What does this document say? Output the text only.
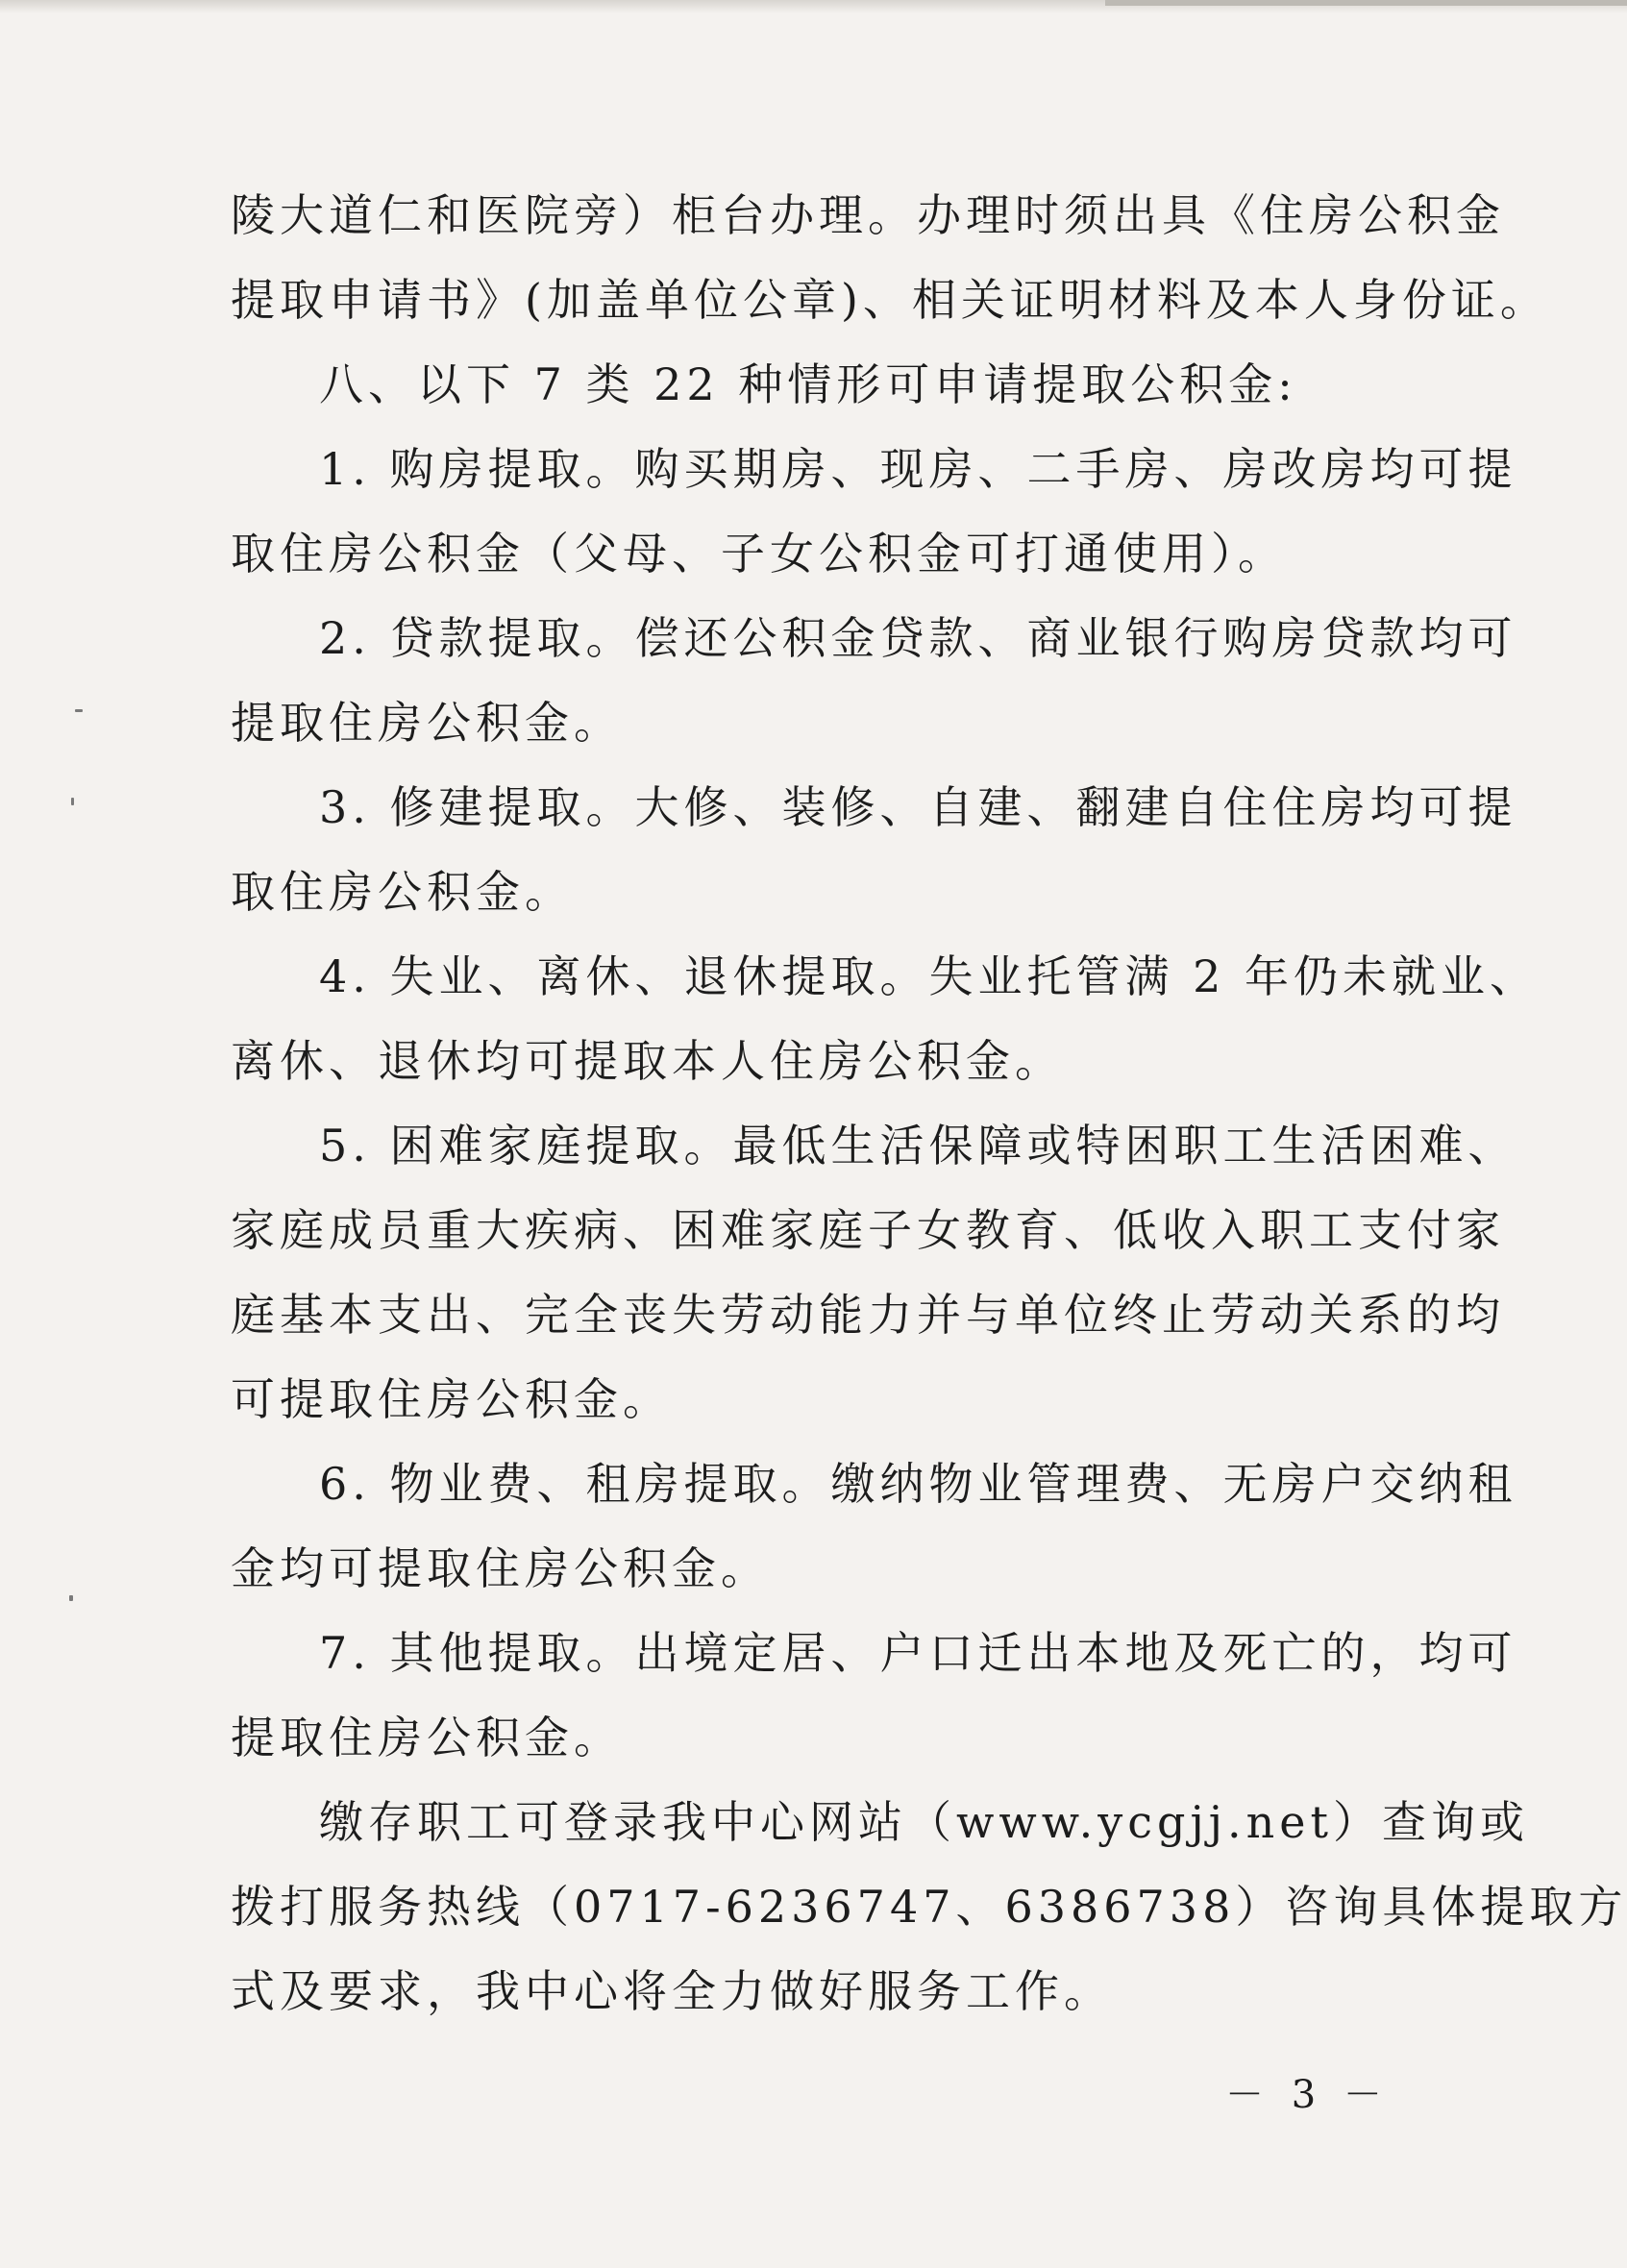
陵大道仁和医院旁）柜台办理。办理时须出具《住房公积金
提取申请书》(加盖单位公章)、相关证明材料及本人身份证。
八、以下 7 类 22 种情形可申请提取公积金:
1. 购房提取。购买期房、现房、二手房、房改房均可提
取住房公积金（父母、子女公积金可打通使用）。
2. 贷款提取。偿还公积金贷款、商业银行购房贷款均可
提取住房公积金。
3. 修建提取。大修、装修、自建、翻建自住住房均可提
取住房公积金。
4. 失业、离休、退休提取。失业托管满 2 年仍未就业、
离休、退休均可提取本人住房公积金。
5. 困难家庭提取。最低生活保障或特困职工生活困难、
家庭成员重大疾病、困难家庭子女教育、低收入职工支付家
庭基本支出、完全丧失劳动能力并与单位终止劳动关系的均
可提取住房公积金。
6. 物业费、租房提取。缴纳物业管理费、无房户交纳租
金均可提取住房公积金。
7. 其他提取。出境定居、户口迁出本地及死亡的，均可
提取住房公积金。
缴存职工可登录我中心网站（www.ycgjj.net）查询或
拨打服务热线（0717-6236747、6386738）咨询具体提取方
式及要求，我中心将全力做好服务工作。
－ 3 －
